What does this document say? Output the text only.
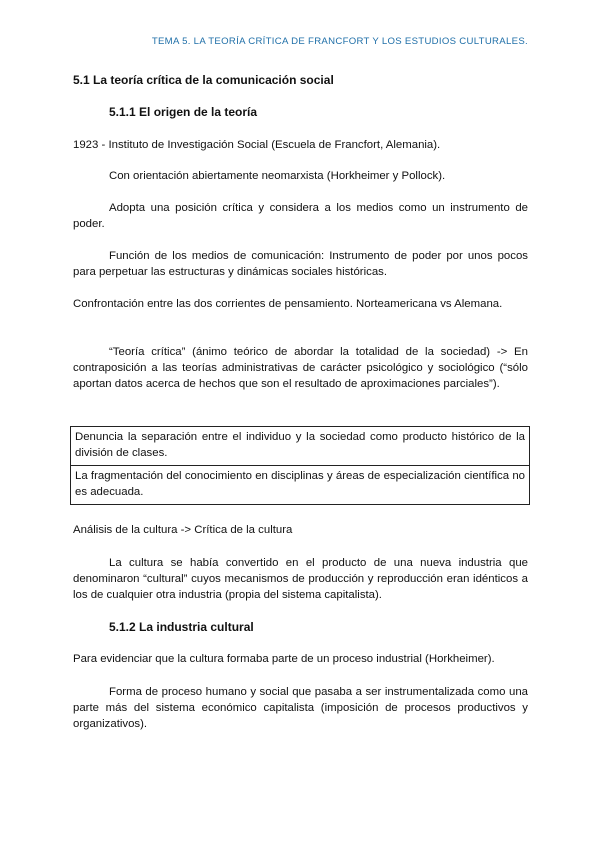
TEMA 5. LA TEORÍA CRÍTICA DE FRANCFORT Y LOS ESTUDIOS CULTURALES.
5.1 La teoría crítica de la comunicación social
5.1.1 El origen de la teoría
1923 - Instituto de Investigación Social (Escuela de Francfort, Alemania).
Con orientación abiertamente neomarxista (Horkheimer y Pollock).
Adopta una posición crítica y considera a los medios como un instrumento de poder.
Función de los medios de comunicación: Instrumento de poder por unos pocos para perpetuar las estructuras y dinámicas sociales históricas.
Confrontación entre las dos corrientes de pensamiento. Norteamericana vs Alemana.
“Teoría crítica” (ánimo teórico de abordar la totalidad de la sociedad) -> En contraposición a las teorías administrativas de carácter psicológico y sociológico (“sólo aportan datos acerca de hechos que son el resultado de aproximaciones parciales”).
Denuncia la separación entre el individuo y la sociedad como producto histórico de la división de clases.
La fragmentación del conocimiento en disciplinas y áreas de especialización científica no es adecuada.
Análisis de la cultura -> Crítica de la cultura
La cultura se había convertido en el producto de una nueva industria que denominaron “cultural” cuyos mecanismos de producción y reproducción eran idénticos a los de cualquier otra industria (propia del sistema capitalista).
5.1.2 La industria cultural
Para evidenciar que la cultura formaba parte de un proceso industrial (Horkheimer).
Forma de proceso humano y social que pasaba a ser instrumentalizada como una parte más del sistema económico capitalista (imposición de procesos productivos y organizativos).
